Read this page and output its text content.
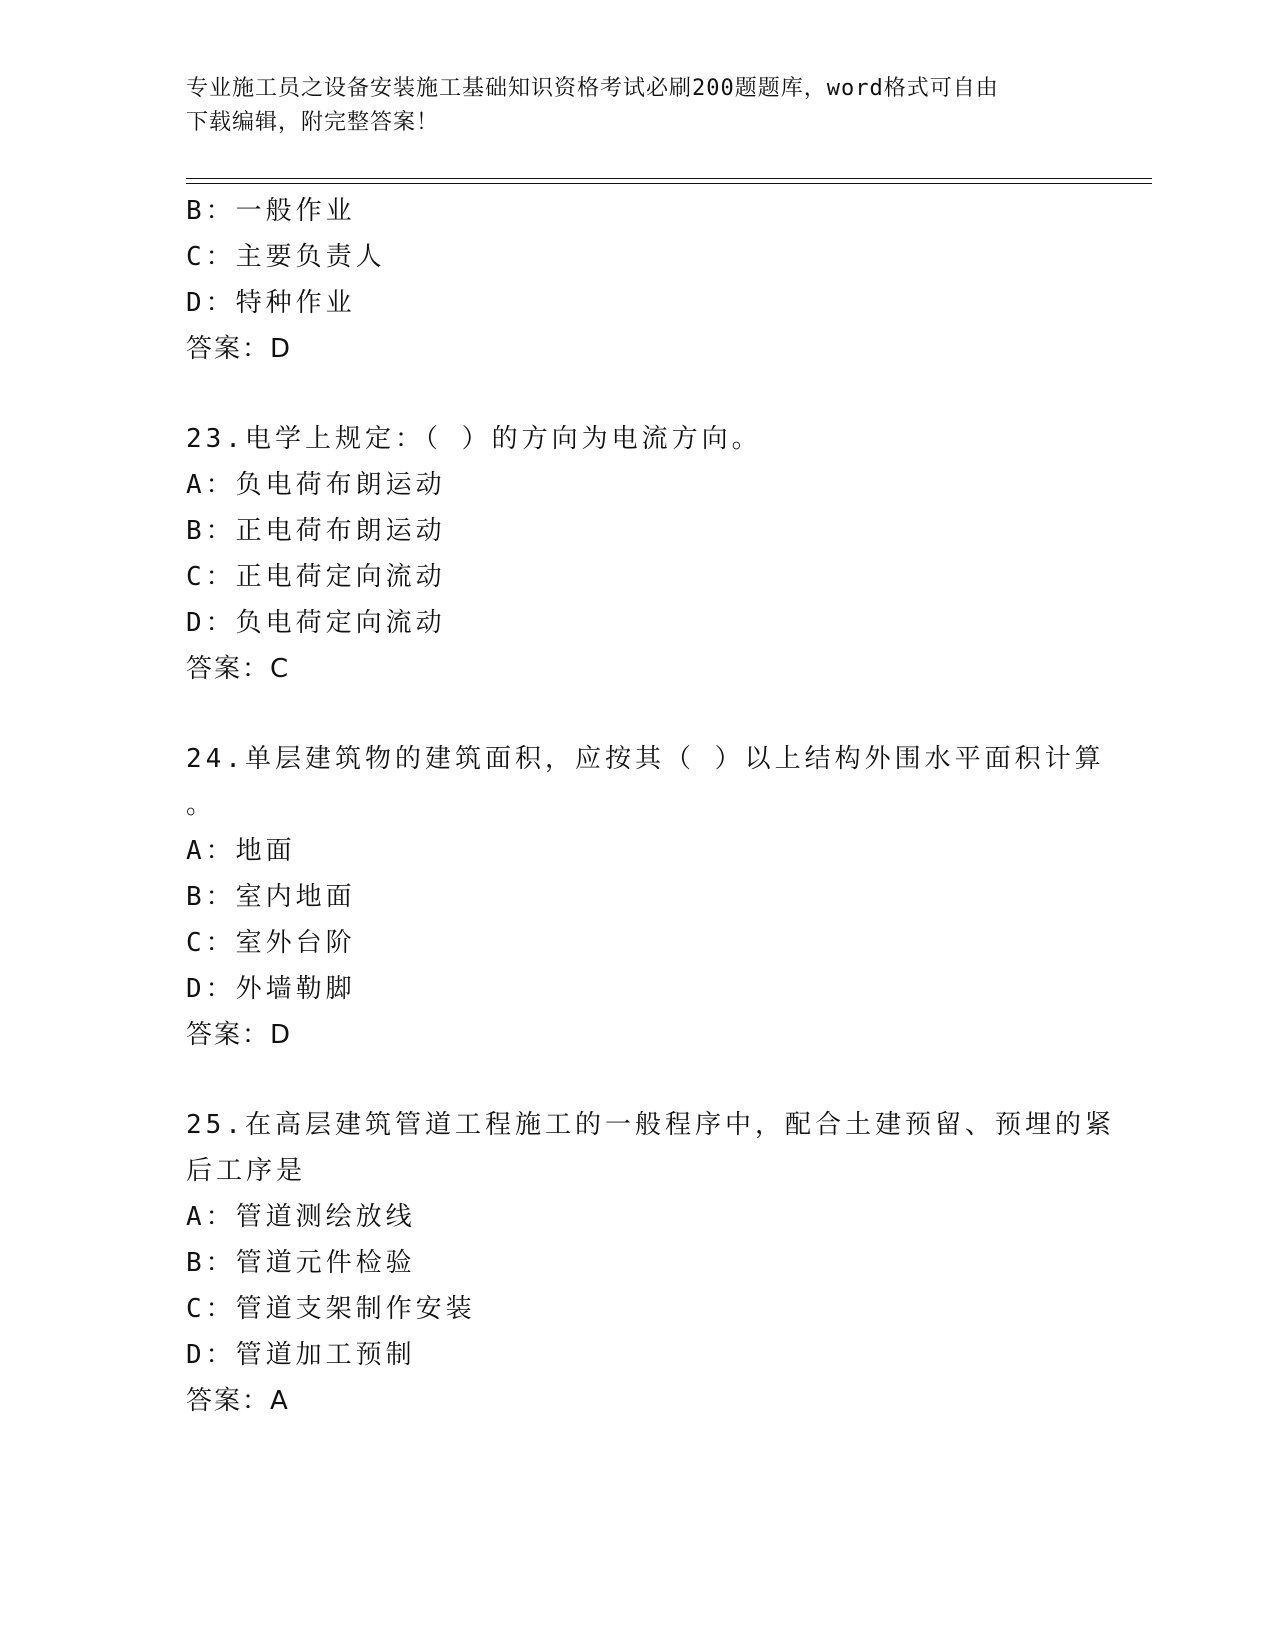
专业施工员之设备安装施工基础知识资格考试必刷200题题库，word格式可自由
下载编辑，附完整答案！
B：一般作业
C：主要负责人
D：特种作业
答案：D
23.电学上规定：（ ）的方向为电流方向。
A：负电荷布朗运动
B：正电荷布朗运动
C：正电荷定向流动
D：负电荷定向流动
答案：C
24.单层建筑物的建筑面积，应按其（ ）以上结构外围水平面积计算
。
A：地面
B：室内地面
C：室外台阶
D：外墙勒脚
答案：D
25.在高层建筑管道工程施工的一般程序中，配合土建预留、预埋的紧
后工序是
A：管道测绘放线
B：管道元件检验
C：管道支架制作安装
D：管道加工预制
答案：A
